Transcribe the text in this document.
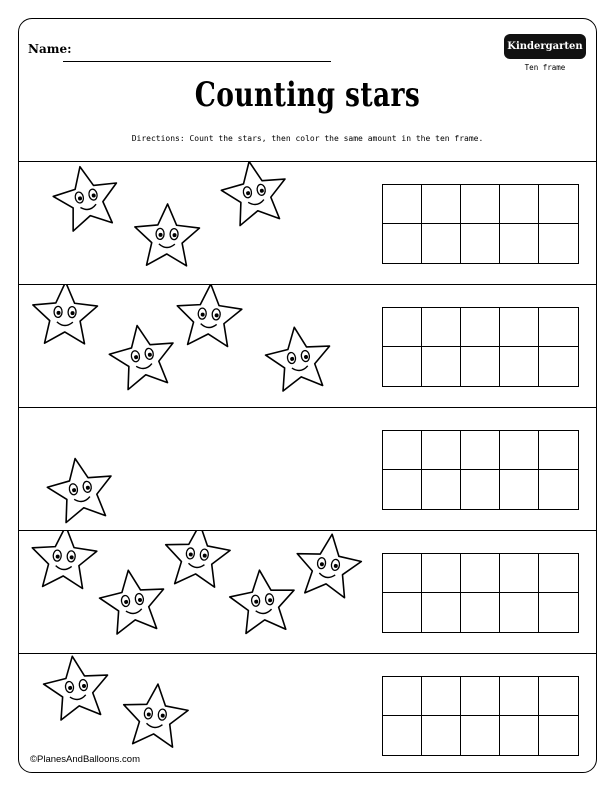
Name:	Kindergarten
Ten frame
Counting stars
Directions: Count the stars, then color the same amount in the ten frame.
©PlanesAndBalloons.com
